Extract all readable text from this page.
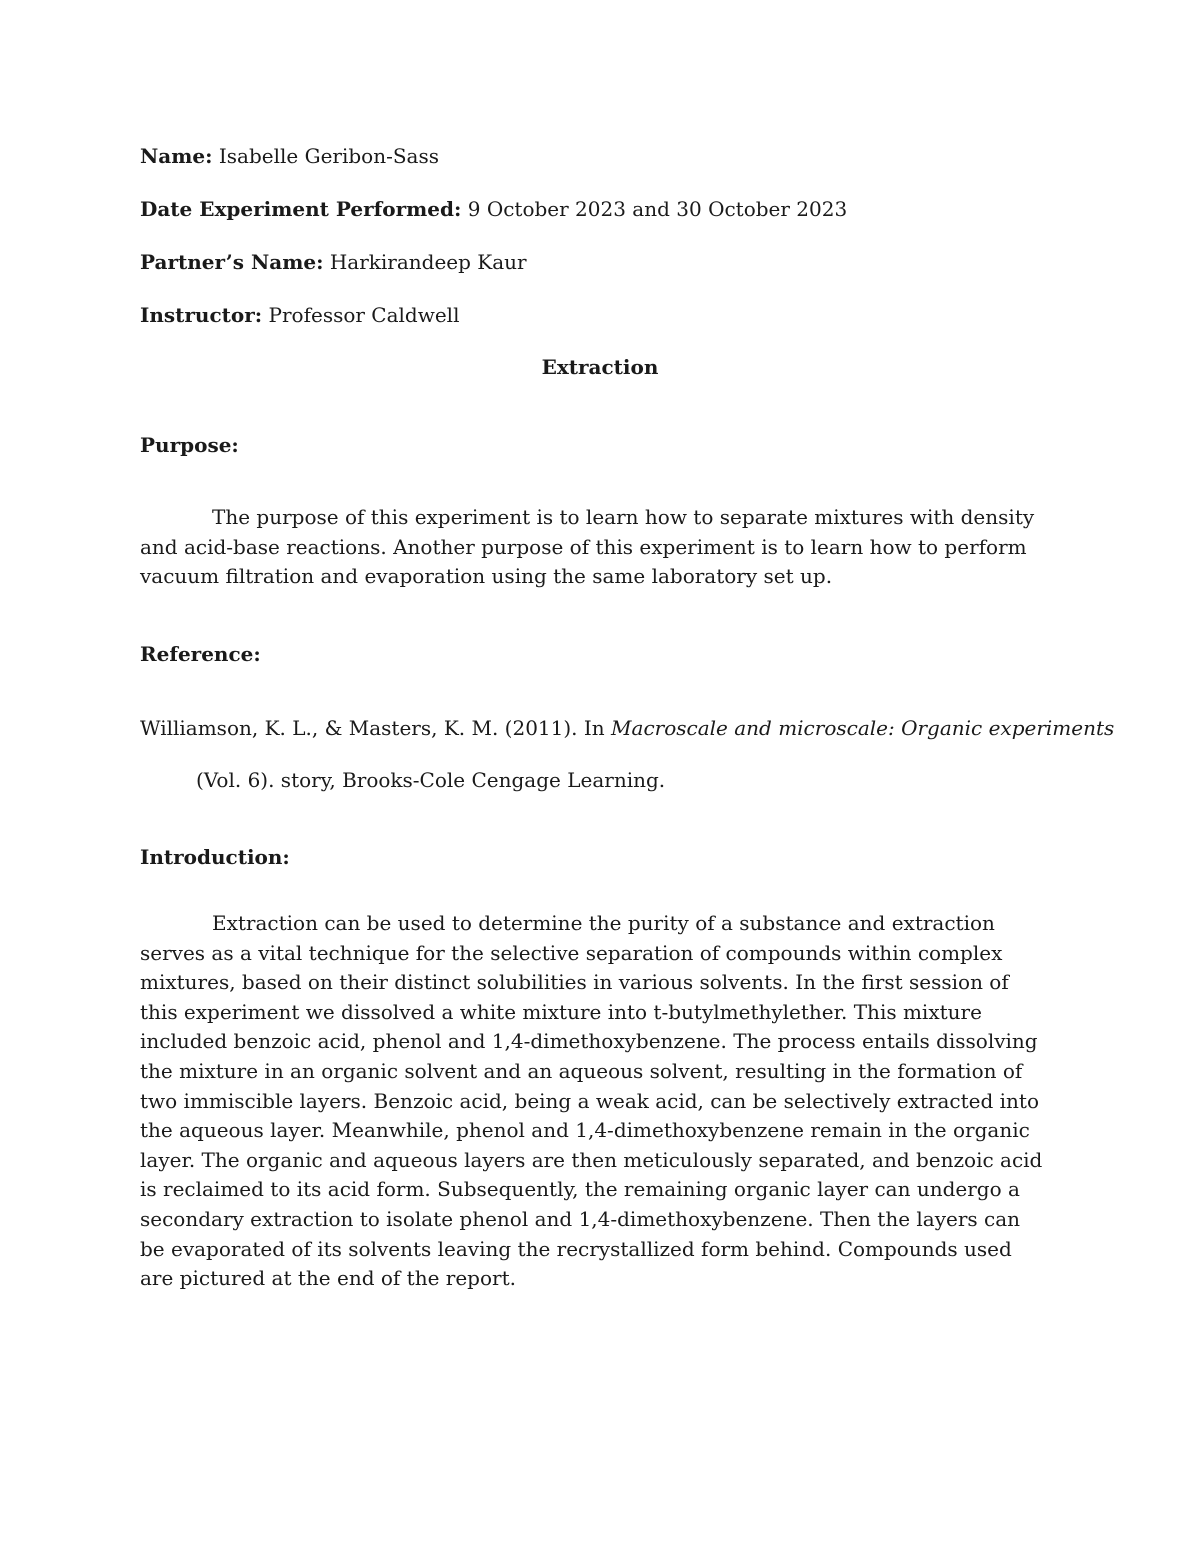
Name: Isabelle Geribon-Sass
Date Experiment Performed: 9 October 2023 and 30 October 2023
Partner’s Name: Harkirandeep Kaur
Instructor: Professor Caldwell
Extraction
Purpose:
The purpose of this experiment is to learn how to separate mixtures with density and acid-base reactions. Another purpose of this experiment is to learn how to perform vacuum filtration and evaporation using the same laboratory set up.
Reference:
Williamson, K. L., & Masters, K. M. (2011). In Macroscale and microscale: Organic experiments (Vol. 6). story, Brooks-Cole Cengage Learning.
Introduction:
Extraction can be used to determine the purity of a substance and extraction serves as a vital technique for the selective separation of compounds within complex mixtures, based on their distinct solubilities in various solvents. In the first session of this experiment we dissolved a white mixture into t-butylmethylether. This mixture included benzoic acid, phenol and 1,4-dimethoxybenzene. The process entails dissolving the mixture in an organic solvent and an aqueous solvent, resulting in the formation of two immiscible layers. Benzoic acid, being a weak acid, can be selectively extracted into the aqueous layer. Meanwhile, phenol and 1,4-dimethoxybenzene remain in the organic layer. The organic and aqueous layers are then meticulously separated, and benzoic acid is reclaimed to its acid form. Subsequently, the remaining organic layer can undergo a secondary extraction to isolate phenol and 1,4-dimethoxybenzene. Then the layers can be evaporated of its solvents leaving the recrystallized form behind. Compounds used are pictured at the end of the report.
